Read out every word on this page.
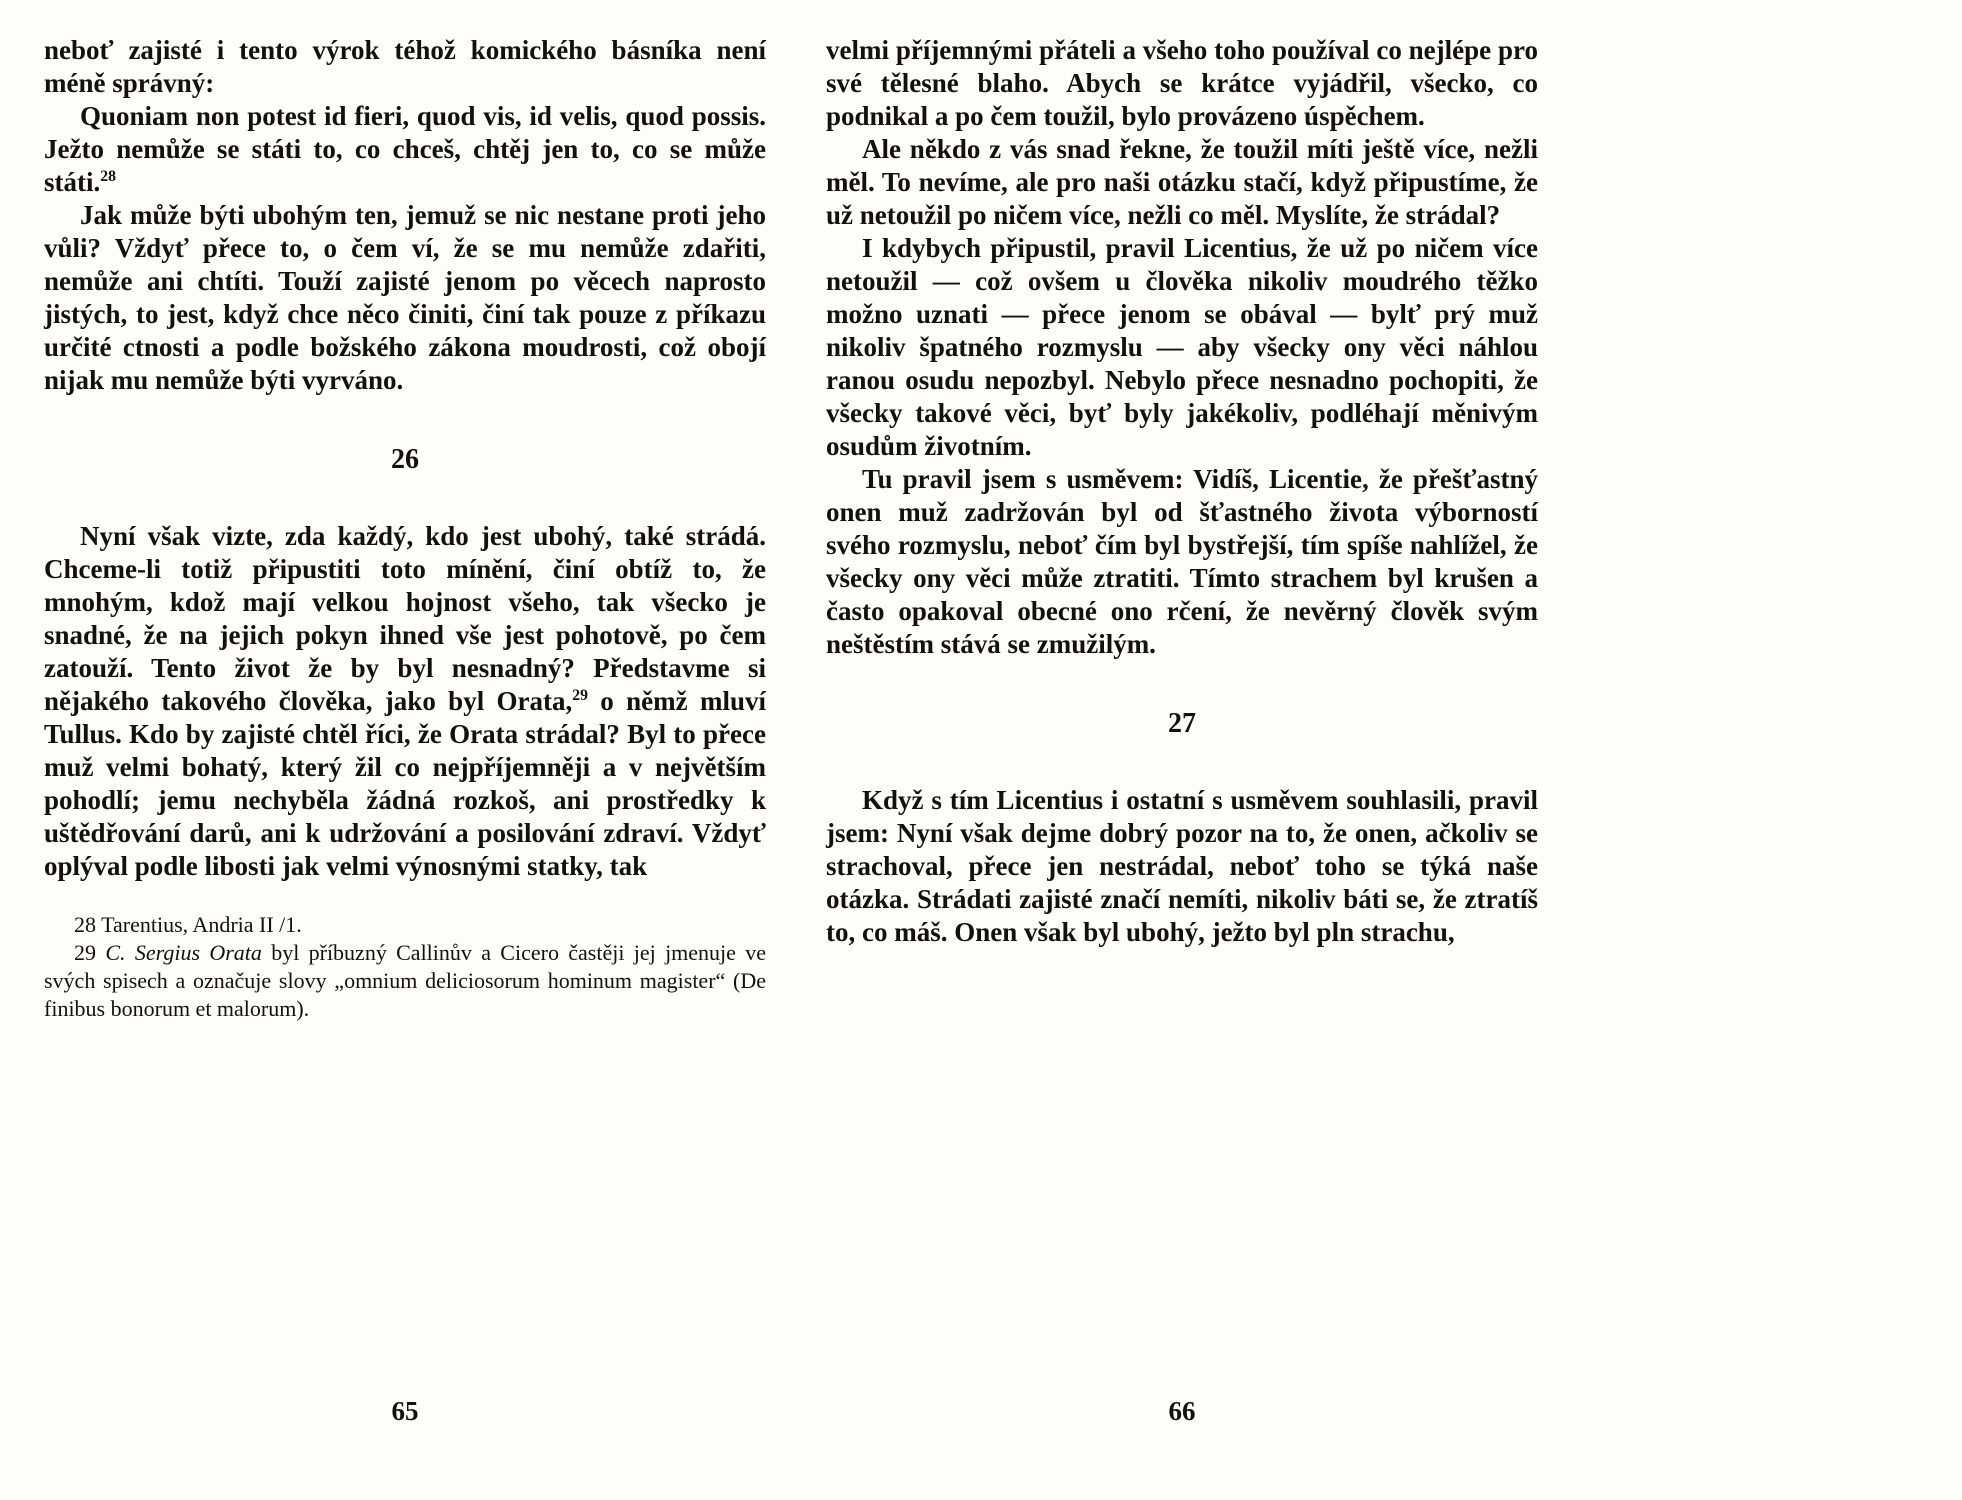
neboť zajisté i tento výrok téhož komického básníka není méně správný:

Quoniam non potest id fieri, quod vis, id velis, quod possis. Ježto nemůže se státi to, co chceš, chtěj jen to, co se může státi.$^{28}$

Jak může býti ubohým ten, jemuž se nic nestane proti jeho vůli? Vždyť přece to, o čem ví, že se mu nemůže zdařiti, nemůže ani chtíti. Touží zajisté jenom po věcech naprosto jistých, to jest, když chce něco činiti, činí tak pouze z příkazu určité ctnosti a podle božského zákona moudrosti, což obojí nijak mu nemůže býti vyrváno.

26

Nyní však vizte, zda každý, kdo jest ubohý, také strádá. Chceme-li totiž připustiti toto mínění, činí obtíž to, že mnohým, kdož mají velkou hojnost všeho, tak všecko je snadné, že na jejich pokyn ihned vše jest pohotově, po čem zatouží. Tento život že by byl nesnadný? Představme si nějakého takového člověka, jako byl Orata,$^{29}$ o němž mluví Tullus. Kdo by zajisté chtěl říci, že Orata strádal? Byl to přece muž velmi bohatý, který žil co nejpříjemněji a v největším pohodlí; jemu nechyběla žádná rozkoš, ani prostředky k uštědřování darů, ani k udržování a posilování zdraví. Vždyť oplýval podle libosti jak velmi výnosnými statky, tak

28 Tarentius, Andria II /1.

29 C. Sergius Orata byl příbuzný Callinův a Cicero častěji jej jmenuje ve svých spisech a označuje slovy „omnium deliciosorum hominum magister“ (De finibus bonorum et malorum).

65

velmi příjemnými přáteli a všeho toho používal co nejlépe pro své tělesné blaho. Abych se krátce vyjádřil, všecko, co podnikal a po čem toužil, bylo provázeno úspěchem.

Ale někdo z vás snad řekne, že toužil míti ještě více, nežli měl. To nevíme, ale pro naši otázku stačí, když připustíme, že už netoužil po ničem více, nežli co měl. Myslíte, že strádal?

I kdybych připustil, pravil Licentius, že už po ničem více netoužil — což ovšem u člověka nikoliv moudrého těžko možno uznati — přece jenom se obával — bylť prý muž nikoliv špatného rozmyslu — aby všecky ony věci náhlou ranou osudu nepozbyl. Nebylo přece nesnadno pochopiti, že všecky takové věci, byť byly jakékoliv, podléhají měnivým osudům životním.

Tu pravil jsem s usměvem: Vidíš, Licentie, že přešťastný onen muž zadržován byl od šťastného života výborností svého rozmyslu, neboť čím byl bystřejší, tím spíše nahlížel, že všecky ony věci může ztratiti. Tímto strachem byl krušen a často opakoval obecné ono rčení, že nevěrný člověk svým neštěstím stává se zmužilým.

27

Když s tím Licentius i ostatní s usměvem souhlasili, pravil jsem: Nyní však dejme dobrý pozor na to, že onen, ačkoliv se strachoval, přece jen nestrádal, neboť toho se týká naše otázka. Strádati zajisté značí nemíti, nikoliv báti se, že ztratíš to, co máš. Onen však byl ubohý, ježto byl pln strachu,

66
